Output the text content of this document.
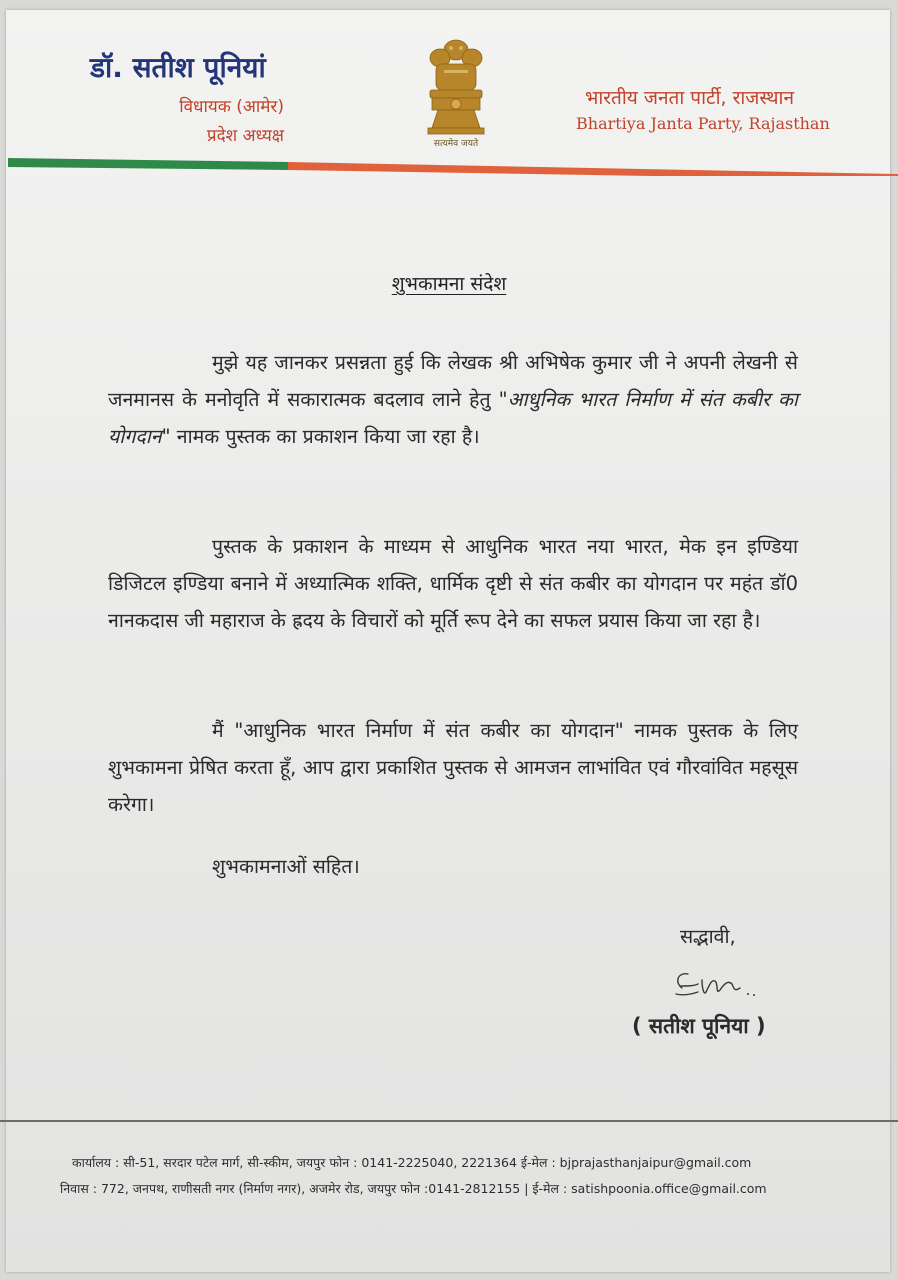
डॉ. सतीश पूनियां
विधायक (आमेर)
प्रदेश अध्यक्ष	सत्यमेव जयते
भारतीय जनता पार्टी, राजस्थान
Bhartiya Janta Party, Rajasthan
शुभकामना संदेश
मुझे यह जानकर प्रसन्नता हुई कि लेखक श्री अभिषेक कुमार जी ने अपनी लेखनी से जनमानस के मनोवृति में सकारात्मक बदलाव लाने हेतु "आधुनिक भारत निर्माण में संत कबीर का योगदान" नामक पुस्तक का प्रकाशन किया जा रहा है।
पुस्तक के प्रकाशन के माध्यम से आधुनिक भारत नया भारत, मेक इन इण्डिया डिजिटल इण्डिया बनाने में अध्यात्मिक शक्ति, धार्मिक दृष्टी से संत कबीर का योगदान पर महंत डॉ0 नानकदास जी महाराज के ह्रदय के विचारों को मूर्ति रूप देने का सफल प्रयास किया जा रहा है।
मैं "आधुनिक भारत निर्माण में संत कबीर का योगदान" नामक पुस्तक के लिए शुभकामना प्रेषित करता हूँ, आप द्वारा प्रकाशित पुस्तक से आमजन लाभांवित एवं गौरवांवित महसूस करेगा।
शुभकामनाओं सहित।
सद्भावी,
( सतीश पूनिया )
कार्यालय : सी-51, सरदार पटेल मार्ग, सी-स्कीम, जयपुर फोन : 0141-2225040, 2221364 ई-मेल : bjprajasthanjaipur@gmail.com
निवास : 772, जनपथ, राणीसती नगर (निर्माण नगर), अजमेर रोड, जयपुर फोन :0141-2812155 | ई-मेल : satishpoonia.office@gmail.com
